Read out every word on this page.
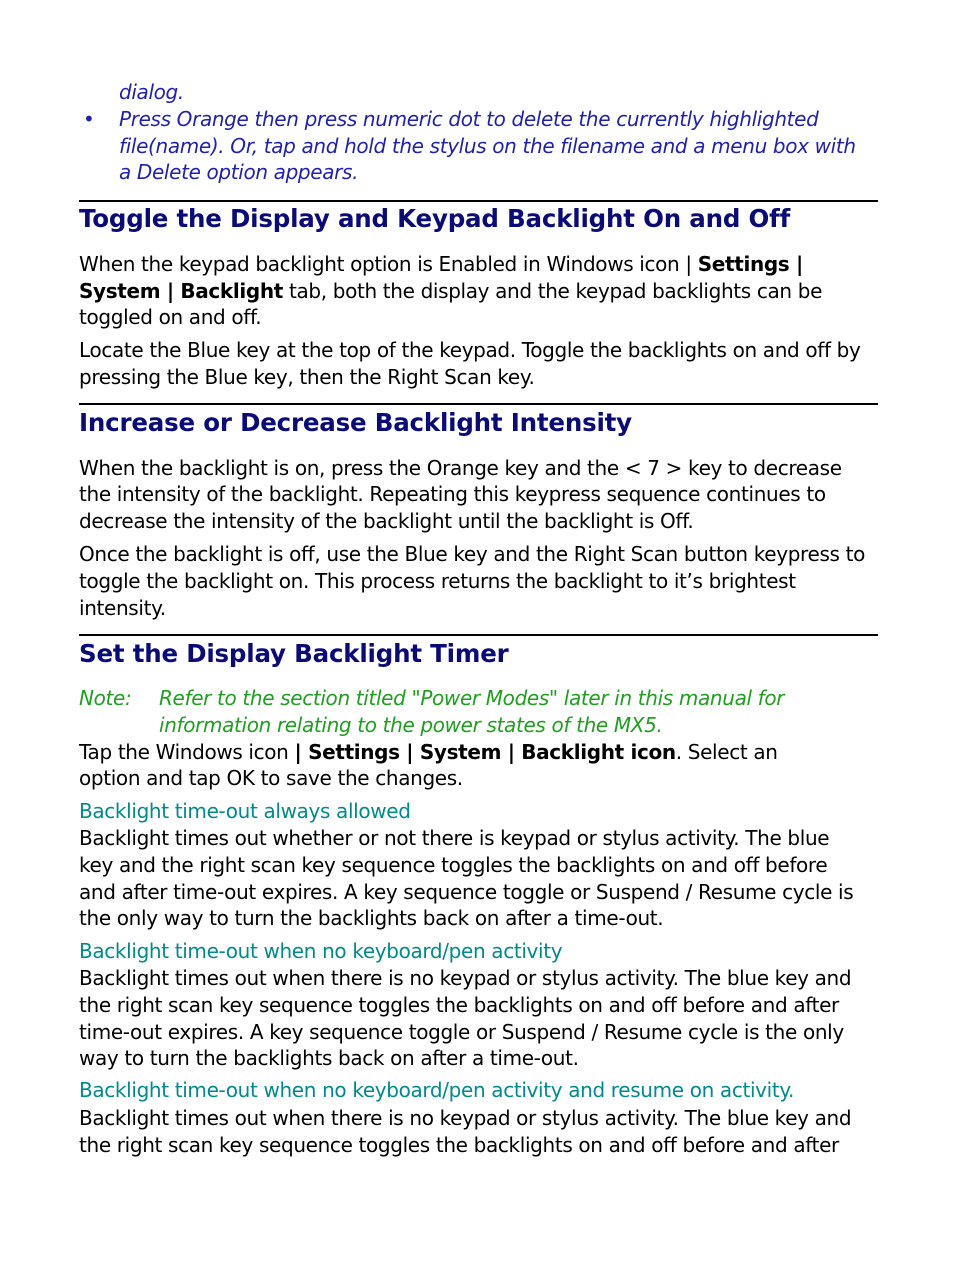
dialog.
• Press Orange then press numeric dot to delete the currently highlighted
file(name). Or, tap and hold the stylus on the filename and a menu box with
a Delete option appears.
Toggle the Display and Keypad Backlight On and Off
When the keypad backlight option is Enabled in Windows icon | Settings |
System | Backlight tab, both the display and the keypad backlights can be
toggled on and off.
Locate the Blue key at the top of the keypad. Toggle the backlights on and off by
pressing the Blue key, then the Right Scan key.
Increase or Decrease Backlight Intensity
When the backlight is on, press the Orange key and the < 7 > key to decrease
the intensity of the backlight. Repeating this keypress sequence continues to
decrease the intensity of the backlight until the backlight is Off.
Once the backlight is off, use the Blue key and the Right Scan button keypress to
toggle the backlight on. This process returns the backlight to it’s brightest
intensity.
Set the Display Backlight Timer
Note: Refer to the section titled "Power Modes" later in this manual for
information relating to the power states of the MX5.
Tap the Windows icon | Settings | System | Backlight icon. Select an
option and tap OK to save the changes.
Backlight time-out always allowed
Backlight times out whether or not there is keypad or stylus activity. The blue
key and the right scan key sequence toggles the backlights on and off before
and after time-out expires. A key sequence toggle or Suspend / Resume cycle is
the only way to turn the backlights back on after a time-out.
Backlight time-out when no keyboard/pen activity
Backlight times out when there is no keypad or stylus activity. The blue key and
the right scan key sequence toggles the backlights on and off before and after
time-out expires. A key sequence toggle or Suspend / Resume cycle is the only
way to turn the backlights back on after a time-out.
Backlight time-out when no keyboard/pen activity and resume on activity.
Backlight times out when there is no keypad or stylus activity. The blue key and
the right scan key sequence toggles the backlights on and off before and after
